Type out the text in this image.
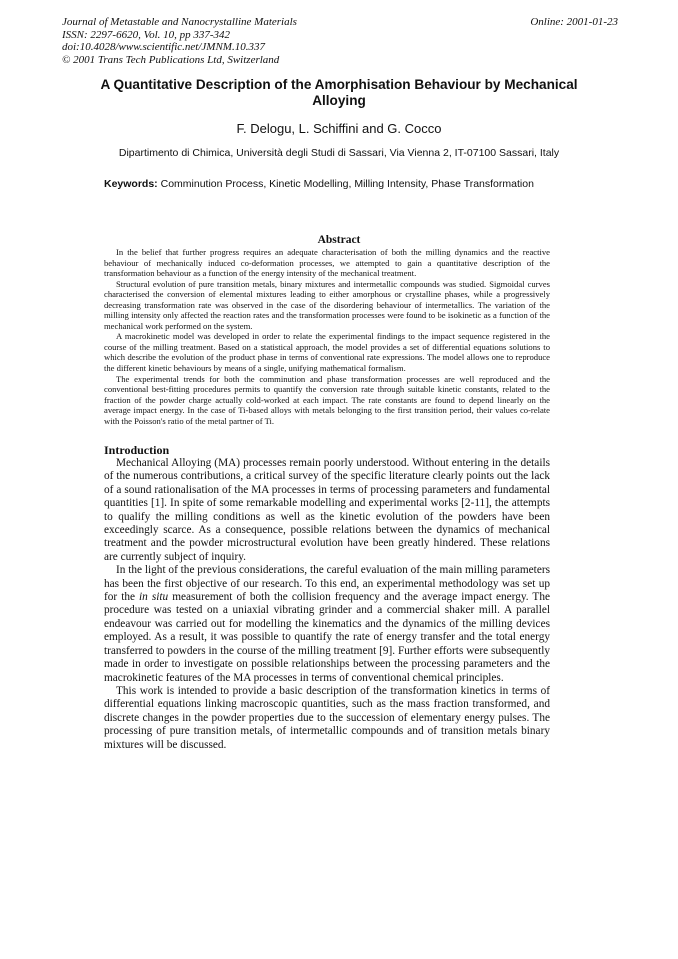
Journal of Metastable and Nanocrystalline Materials
ISSN: 2297-6620, Vol. 10, pp 337-342
doi:10.4028/www.scientific.net/JMNM.10.337
© 2001 Trans Tech Publications Ltd, Switzerland
Online: 2001-01-23
A Quantitative Description of the Amorphisation Behaviour by Mechanical Alloying
F. Delogu, L. Schiffini and G. Cocco
Dipartimento di Chimica, Università degli Studi di Sassari, Via Vienna 2, IT-07100 Sassari, Italy
Keywords: Comminution Process, Kinetic Modelling, Milling Intensity, Phase Transformation
Abstract

In the belief that further progress requires an adequate characterisation of both the milling dynamics and the reactive behaviour of mechanically induced co-deformation processes, we attempted to gain a quantitative description of the transformation behaviour as a function of the energy intensity of the mechanical treatment.

Structural evolution of pure transition metals, binary mixtures and intermetallic compounds was studied. Sigmoidal curves characterised the conversion of elemental mixtures leading to either amorphous or crystalline phases, while a progressively decreasing transformation rate was observed in the case of the disordering behaviour of intermetallics. The variation of the milling intensity only affected the reaction rates and the transformation processes were found to be isokinetic as a function of the mechanical work performed on the system.

A macrokinetic model was developed in order to relate the experimental findings to the impact sequence registered in the course of the milling treatment. Based on a statistical approach, the model provides a set of differential equations solutions to which describe the evolution of the product phase in terms of conventional rate expressions. The model allows one to reproduce the different kinetic behaviours by means of a single, unifying mathematical formalism.

The experimental trends for both the comminution and phase transformation processes are well reproduced and the conventional best-fitting procedures permits to quantify the conversion rate through suitable kinetic constants, related to the fraction of the powder charge actually cold-worked at each impact. The rate constants are found to depend linearly on the average impact energy. In the case of Ti-based alloys with metals belonging to the first transition period, their values co-relate with the Poisson's ratio of the metal partner of Ti.

Introduction

Mechanical Alloying (MA) processes remain poorly understood. Without entering in the details of the numerous contributions, a critical survey of the specific literature clearly points out the lack of a sound rationalisation of the MA processes in terms of processing parameters and fundamental quantities [1]. In spite of some remarkable modelling and experimental works [2-11], the attempts to qualify the milling conditions as well as the kinetic evolution of the powders have been exceedingly scarce. As a consequence, possible relations between the dynamics of mechanical treatment and the powder microstructural evolution have been greatly hindered. These relations are currently subject of inquiry.

In the light of the previous considerations, the careful evaluation of the main milling parameters has been the first objective of our research. To this end, an experimental methodology was set up for the in situ measurement of both the collision frequency and the average impact energy. The procedure was tested on a uniaxial vibrating grinder and a commercial shaker mill. A parallel endeavour was carried out for modelling the kinematics and the dynamics of the milling devices employed. As a result, it was possible to quantify the rate of energy transfer and the total energy transferred to powders in the course of the milling treatment [9]. Further efforts were subsequently made in order to investigate on possible relationships between the processing parameters and the macrokinetic features of the MA processes in terms of conventional chemical principles.

This work is intended to provide a basic description of the transformation kinetics in terms of differential equations linking macroscopic quantities, such as the mass fraction transformed, and discrete changes in the powder properties due to the succession of elementary energy pulses. The processing of pure transition metals, of intermetallic compounds and of transition metals binary mixtures will be discussed.
